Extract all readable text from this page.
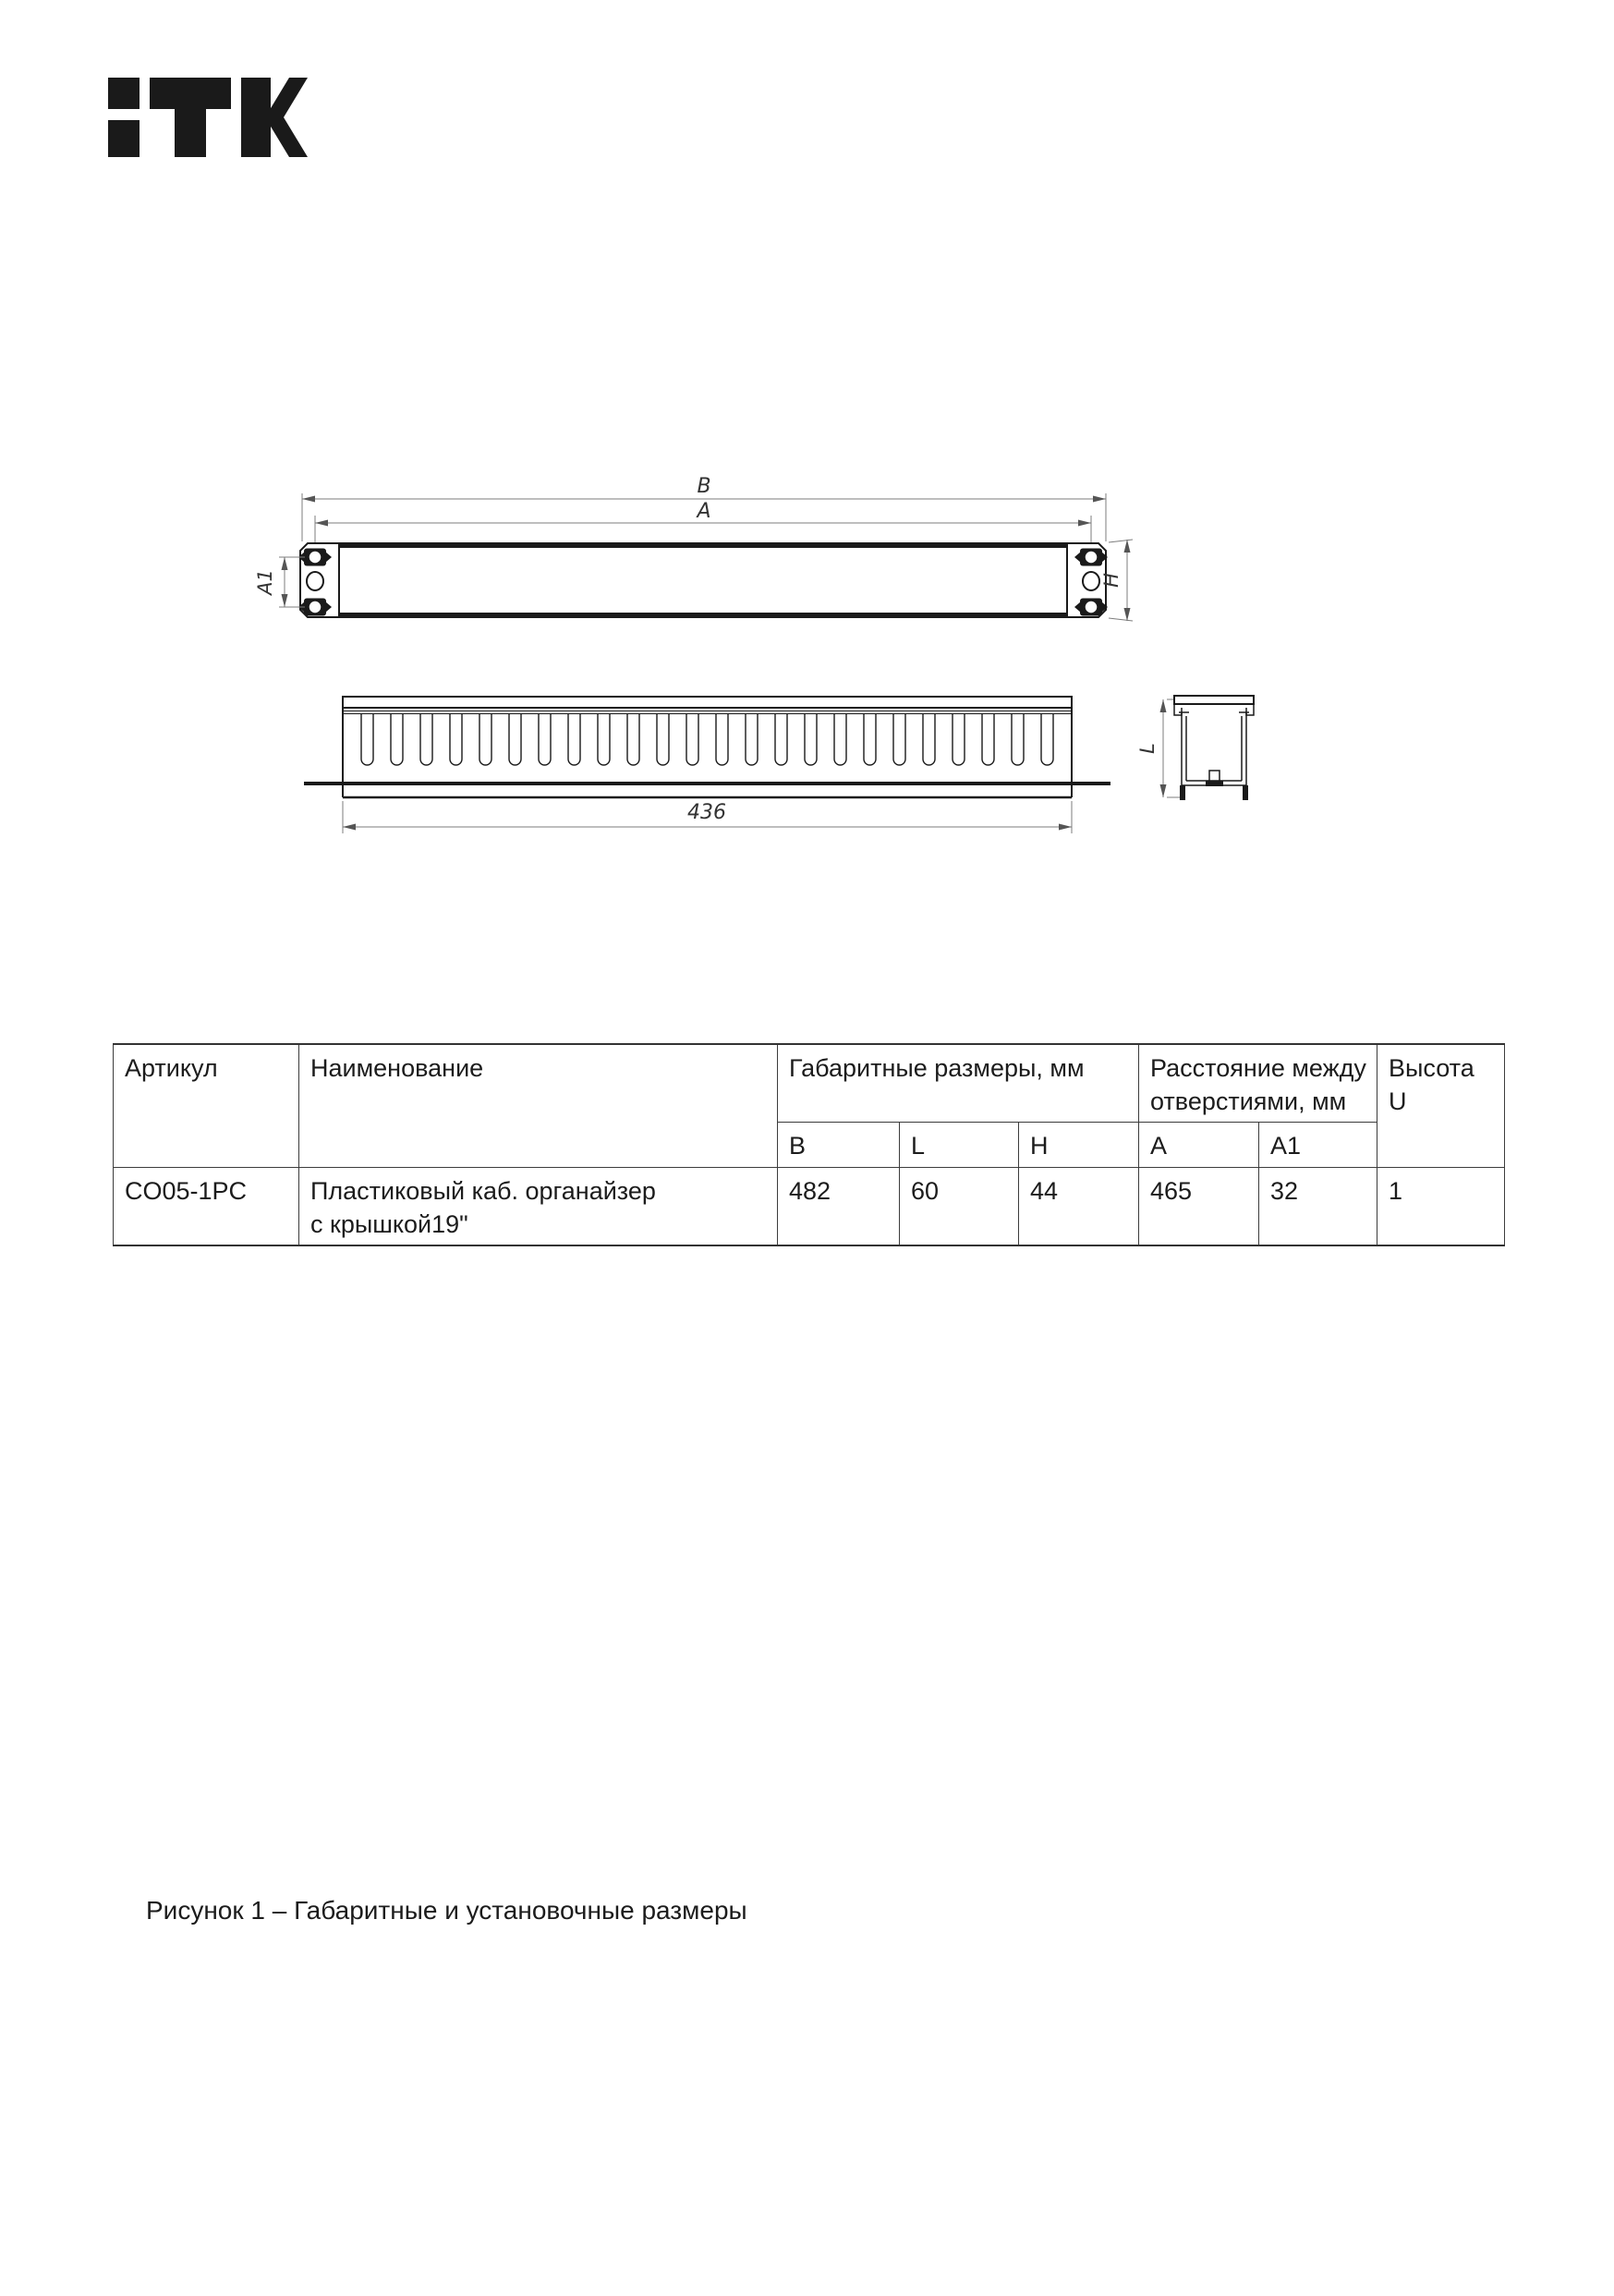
B
A
A1	H
436
L
Артикул	Наименование	Габаритные размеры, мм			Расстояние между отверстиями, мм		Высота U
		B	L	H	A	A1	
CO05-1PC	Пластиковый каб. органайзер
с крышкой19"	482	60	44	465	32	1
Рисунок 1 – Габаритные и установочные размеры
